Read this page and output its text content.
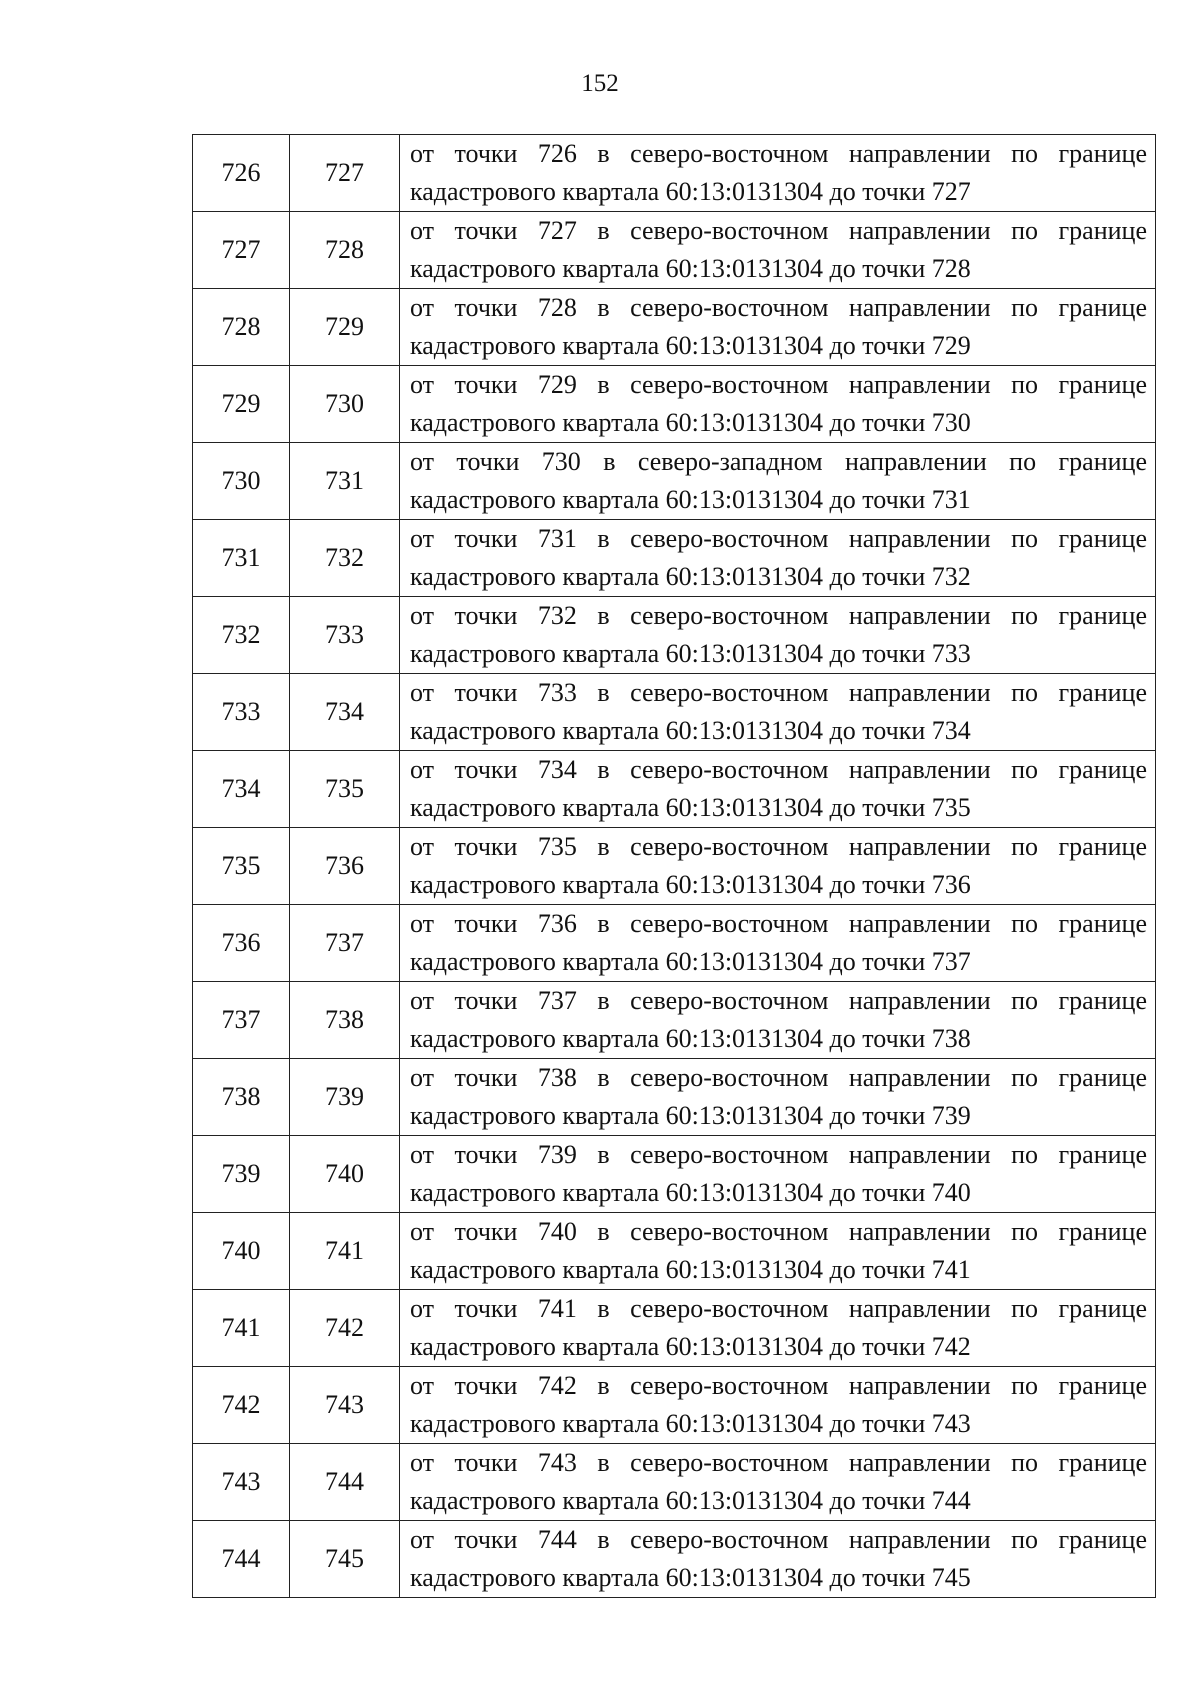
152
726	727	от точки 726 в северо-восточном направлении по границе кадастрового квартала 60:13:0131304 до точки 727
727	728	от точки 727 в северо-восточном направлении по границе кадастрового квартала 60:13:0131304 до точки 728
728	729	от точки 728 в северо-восточном направлении по границе кадастрового квартала 60:13:0131304 до точки 729
729	730	от точки 729 в северо-восточном направлении по границе кадастрового квартала 60:13:0131304 до точки 730
730	731	от точки 730 в северо-западном направлении по границе кадастрового квартала 60:13:0131304 до точки 731
731	732	от точки 731 в северо-восточном направлении по границе кадастрового квартала 60:13:0131304 до точки 732
732	733	от точки 732 в северо-восточном направлении по границе кадастрового квартала 60:13:0131304 до точки 733
733	734	от точки 733 в северо-восточном направлении по границе кадастрового квартала 60:13:0131304 до точки 734
734	735	от точки 734 в северо-восточном направлении по границе кадастрового квартала 60:13:0131304 до точки 735
735	736	от точки 735 в северо-восточном направлении по границе кадастрового квартала 60:13:0131304 до точки 736
736	737	от точки 736 в северо-восточном направлении по границе кадастрового квартала 60:13:0131304 до точки 737
737	738	от точки 737 в северо-восточном направлении по границе кадастрового квартала 60:13:0131304 до точки 738
738	739	от точки 738 в северо-восточном направлении по границе кадастрового квартала 60:13:0131304 до точки 739
739	740	от точки 739 в северо-восточном направлении по границе кадастрового квартала 60:13:0131304 до точки 740
740	741	от точки 740 в северо-восточном направлении по границе кадастрового квартала 60:13:0131304 до точки 741
741	742	от точки 741 в северо-восточном направлении по границе кадастрового квартала 60:13:0131304 до точки 742
742	743	от точки 742 в северо-восточном направлении по границе кадастрового квартала 60:13:0131304 до точки 743
743	744	от точки 743 в северо-восточном направлении по границе кадастрового квартала 60:13:0131304 до точки 744
744	745	от точки 744 в северо-восточном направлении по границе кадастрового квартала 60:13:0131304 до точки 745
